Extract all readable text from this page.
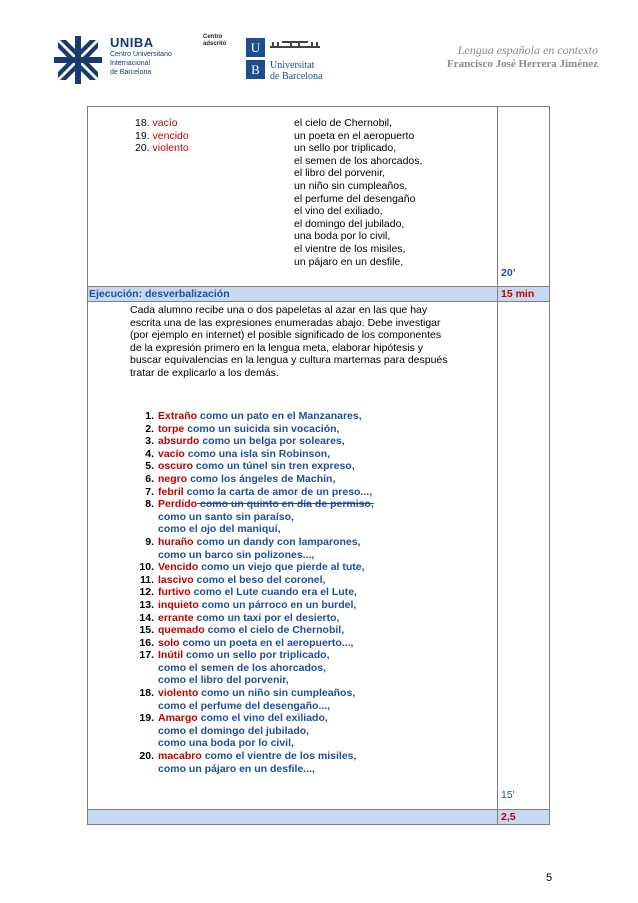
UNIBA
Centro Universitario
Internacional
de Barcelona
Centro
adscrito	U
B	Universitat
de Barcelona
Lengua española en contexto
Francisco José Herrera Jiménez
18. vacío
19. vencido
20. violento
el cielo de Chernobil,
un poeta en el aeropuerto
un sello por triplicado,
el semen de los ahorcados,
el libro del porvenir,
un niño sin cumpleaños,
el perfume del desengaño
el vino del exiliado,
el domingo del jubilado,
una boda por lo civil,
el vientre de los misiles,
un pájaro en un desfile,
20’
Ejecución: desverbalización	15 min
Cada alumno recibe una o dos papeletas al azar en las que hay
escrita una de las expresiones enumeradas abajo. Debe investigar
(por ejemplo en internet) el posible significado de los componentes
de la expresión primero en la lengua meta, elaborar hipótesis y
buscar equivalencias en la lengua y cultura marternas para después
tratar de explicarlo a los demás.
1. Extraño como un pato en el Manzanares,
2. torpe como un suicida sin vocación,
3. absurdo como un belga por soleares,
4. vacío como una isla sin Robinson,
5. oscuro como un túnel sin tren expreso,
6. negro como los ángeles de Machín,
7. febril como la carta de amor de un preso...,
8. Perdido como un quinto en día de permiso,
como un santo sin paraíso,
como el ojo del maniquí,
9. huraño como un dandy con lamparones,
como un barco sin polizones...,
10. Vencido como un viejo que pierde al tute,
11. lascivo como el beso del coronel,
12. furtivo como el Lute cuando era el Lute,
13. inquieto como un párroco en un burdel,
14. errante como un taxi por el desierto,
15. quemado como el cielo de Chernobil,
16. solo como un poeta en el aeropuerto...,
17. Inútil como un sello por triplicado,
como el semen de los ahorcados,
como el libro del porvenir,
18. violento como un niño sin cumpleaños,
como el perfume del desengaño...,
19. Amargo como el vino del exiliado,
como el domingo del jubilado,
como una boda por lo civil,
20. macabro como el vientre de los misiles,
como un pájaro en un desfile...,
15'
2,5
5
